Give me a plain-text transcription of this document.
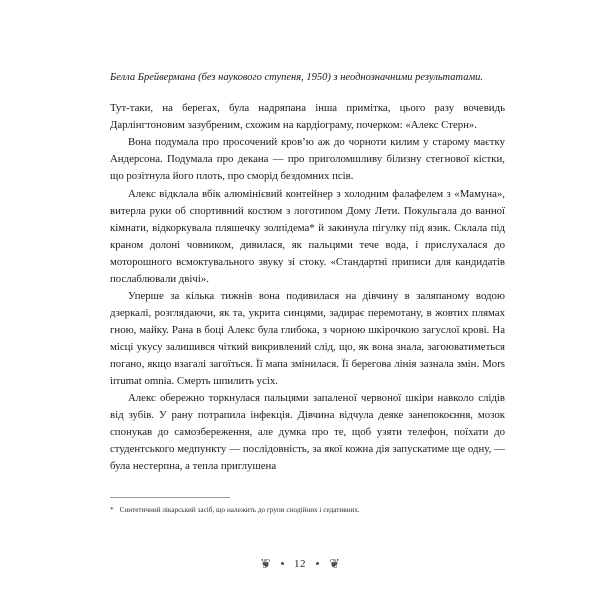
Белла Брейвермана (без наукового ступеня, 1950) з неоднозначними результатами.

Тут-таки, на берегах, була надряпана інша примітка, цього разу вочевидь Дарлінгтоновим зазубреним, схожим на кардіограму, почерком: «Алекс Стерн».

Вона подумала про просочений кров’ю аж до чорноти килим у старому маєтку Андерсона. Подумала про декана — про приголомшливу білизну стегнової кістки, що розітнула його плоть, про сморід бездомних псів.

Алекс відклала вбік алюмінієвий контейнер з холодним фалафелем з «Мамуна», витерла руки об спортивний костюм з логотипом Дому Лети. Покульгала до ванної кімнати, відкоркувала пляшечку золпідема* й закинула пігулку під язик. Склала під краном долоні човником, дивилася, як пальцями тече вода, і прислухалася до моторошного всмоктувального звуку зі стоку. «Стандартні приписи для кандидатів послаблювали двічі».

Уперше за кілька тижнів вона подивилася на дівчину в заляпаному водою дзеркалі, розглядаючи, як та, укрита синцями, задирає перемотану, в жовтих плямах гною, майку. Рана в боці Алекс була глибока, з чорною шкірочкою загуслої крові. На місці укусу залишився чіткий викривлений слід, що, як вона знала, загоюватиметься погано, якщо взагалі загоїться. Її мапа змінилася. Її берегова лінія зазнала змін. Mors irrumat omnia. Смерть шпилить усіх.

Алекс обережно торкнулася пальцями запаленої червоної шкіри навколо слідів від зубів. У рану потрапила інфекція. Дівчина відчула деяке занепокоєння, мозок спонукав до самозбереження, але думка про те, щоб узяти телефон, поїхати до студентського медпункту — послідовність, за якої кожна дія запускатиме ще одну, — була нестерпна, а тепла приглушена

* Синтетичний лікарський засіб, що належить до групи снодійних і седативних.
❦ 12 ❦
